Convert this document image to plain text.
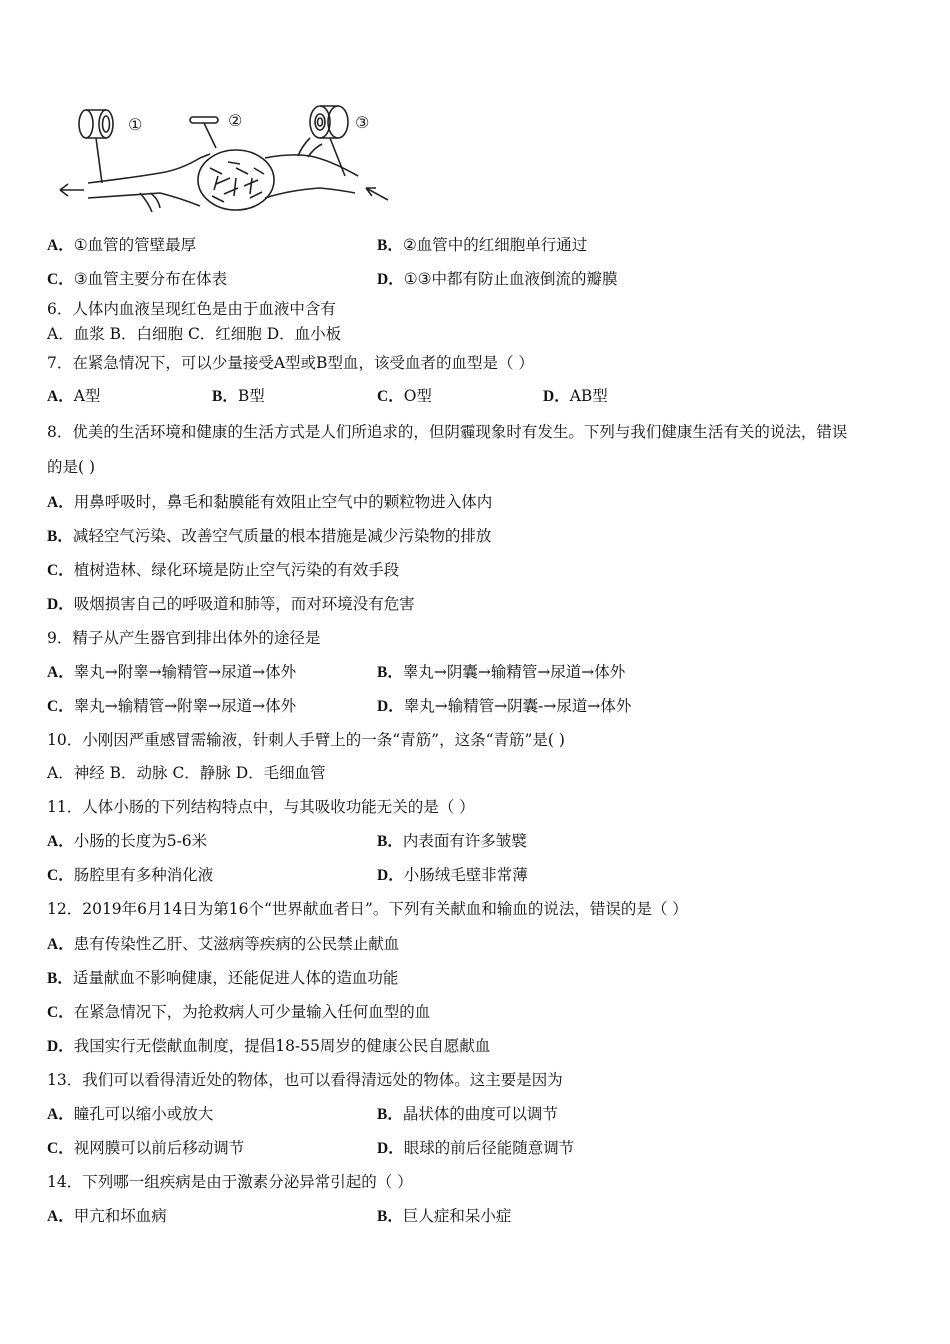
①	②	③
A．①血管的管壁最厚	B．②血管中的红细胞单行通过
C．③血管主要分布在体表	D．①③中都有防止血液倒流的瓣膜
6．人体内血液呈现红色是由于血液中含有
A．血浆 B．白细胞 C．红细胞 D．血小板
7．在紧急情况下，可以少量接受A型或B型血，该受血者的血型是（ ）
A．A型	B．B型	C．O型	D．AB型
8．优美的生活环境和健康的生活方式是人们所追求的，但阴霾现象时有发生。下列与我们健康生活有关的说法，错误
的是( )
A．用鼻呼吸时，鼻毛和黏膜能有效阻止空气中的颗粒物进入体内
B．减轻空气污染、改善空气质量的根本措施是减少污染物的排放
C．植树造林、绿化环境是防止空气污染的有效手段
D．吸烟损害自己的呼吸道和肺等，而对环境没有危害
9．精子从产生器官到排出体外的途径是
A．睾丸→附睾→输精管→尿道→体外	B．睾丸→阴囊→输精管→尿道→体外
C．睾丸→输精管→附睾→尿道→体外	D．睾丸→输精管→阴囊-→尿道→体外
10．小刚因严重感冒需输液，针刺人手臂上的一条“青筋”，这条“青筋”是( )
A．神经 B．动脉 C．静脉 D．毛细血管
11．人体小肠的下列结构特点中，与其吸收功能无关的是（ ）
A．小肠的长度为5-6米	B．内表面有许多皱襞
C．肠腔里有多种消化液	D．小肠绒毛壁非常薄
12．2019年6月14日为第16个“世界献血者日”。下列有关献血和输血的说法，错误的是（ ）
A．患有传染性乙肝、艾滋病等疾病的公民禁止献血
B．适量献血不影响健康，还能促进人体的造血功能
C．在紧急情况下，为抢救病人可少量输入任何血型的血
D．我国实行无偿献血制度，提倡18-55周岁的健康公民自愿献血
13．我们可以看得清近处的物体，也可以看得清远处的物体。这主要是因为
A．瞳孔可以缩小或放大	B．晶状体的曲度可以调节
C．视网膜可以前后移动调节	D．眼球的前后径能随意调节
14．下列哪一组疾病是由于激素分泌异常引起的（ ）
A．甲亢和坏血病	B．巨人症和呆小症
